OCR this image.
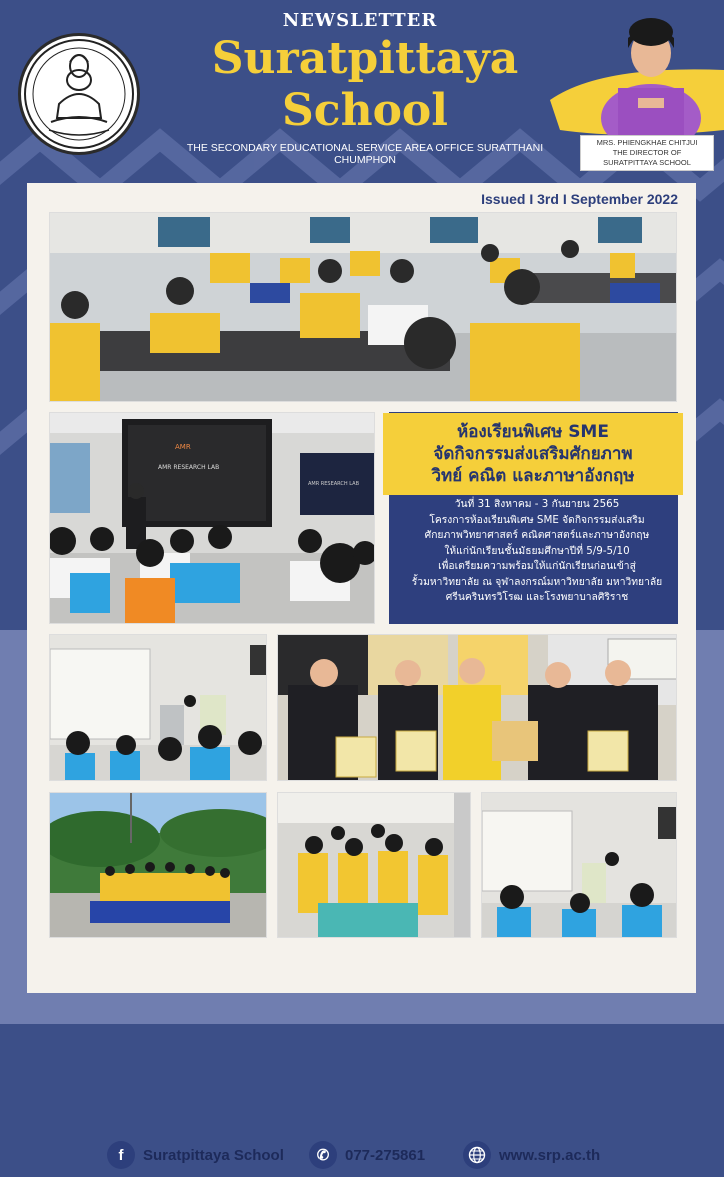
NEWSLETTER
Suratpittaya
School
THE SECONDARY EDUCATIONAL SERVICE AREA OFFICE SURATTHANI
CHUMPHON
MRS. PHIENGKHAE CHITJUI
THE DIRECTOR OF
SURATPITTAYA SCHOOL
Issued I 3rd I September 2022
AMR
AMR RESEARCH LAB
AMR RESEARCH LAB
ห้องเรียนพิเศษ SME
จัดกิจกรรมส่งเสริมศักยภาพ
วิทย์ คณิต และภาษาอังกฤษ
วันที่ 31 สิงหาคม - 3 กันยายน 2565
โครงการห้องเรียนพิเศษ SME จัดกิจกรรมส่งเสริม
ศักยภาพวิทยาศาสตร์ คณิตศาสตร์และภาษาอังกฤษ
ให้แก่นักเรียนชั้นมัธยมศึกษาปีที่ 5/9-5/10
เพื่อเตรียมความพร้อมให้แก่นักเรียนก่อนเข้าสู่
รั้วมหาวิทยาลัย ณ จุฬาลงกรณ์มหาวิทยาลัย มหาวิทยาลัย
ศรีนครินทรวิโรฒ และโรงพยาบาลศิริราช
f	Suratpittaya School	✆	077-275861	www.srp.ac.th
